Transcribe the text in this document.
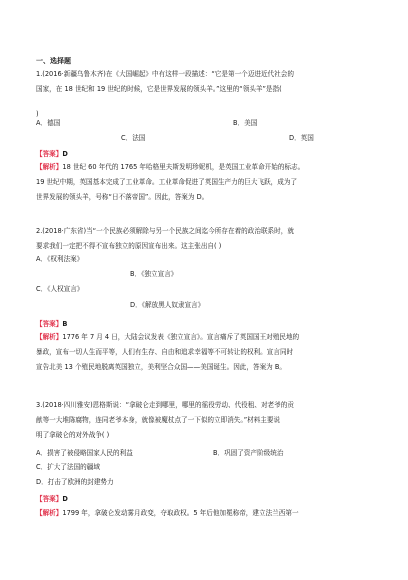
一、选择题
1.(2016·新疆乌鲁木齐)在《大国崛起》中有这样一段描述：“它是第一个迈进近代社会的
国家，在 18 世纪和 19 世纪的时候，它是世界发展的领头羊。”这里的“领头羊”是指(
)
A．德国	B．美国
C．法国	D．英国
【答案】D
【解析】18 世纪 60 年代的 1765 年哈格里夫斯发明珍妮机，是英国工业革命开始的标志。
19 世纪中期，英国基本完成了工业革命。工业革命促进了英国生产力的巨大飞跃，成为了
世界发展的领头羊，号称“日不落帝国”。因此，答案为 D。
2.(2018·广东省)当“一个民族必须解除与另一个民族之间迄今所存在着的政治联系时，就
要求我们一定把不得不宣布独立的原因宣布出来。这主张出自( )
A．《权利法案》
B．《独立宣言》
C．《人权宣言》
D．《解放黑人奴隶宣言》
【答案】B
【解析】1776 年 7 月 4 日，大陆会议发表《独立宣言》。宣言痛斥了英国国王对殖民地的
暴政，宣布一切人生而平等，人们有生存、自由和追求幸福等不可转让的权利。宣言同时
宣告北美 13 个殖民地脱离英国独立，美利坚合众国——美国诞生。因此，答案为 B。
3.(2018·四川雅安)恩格斯说：“拿破仑走到哪里，哪里的徭役劳动、代役租、对老爷的贡
献等一大堆陈腐物，连同老爷本身，就像被魔杖点了一下似的立即消失。”材料主要说
明了拿破仑的对外战争( )
A．损害了被侵略国家人民的利益	B．巩固了资产阶级统治
C．扩大了法国的疆域
D．打击了欧洲的封建势力
【答案】D
【解析】1799 年，拿破仑发动雾月政变，夺取政权。5 年后他加冕称帝，建立法兰西第一
